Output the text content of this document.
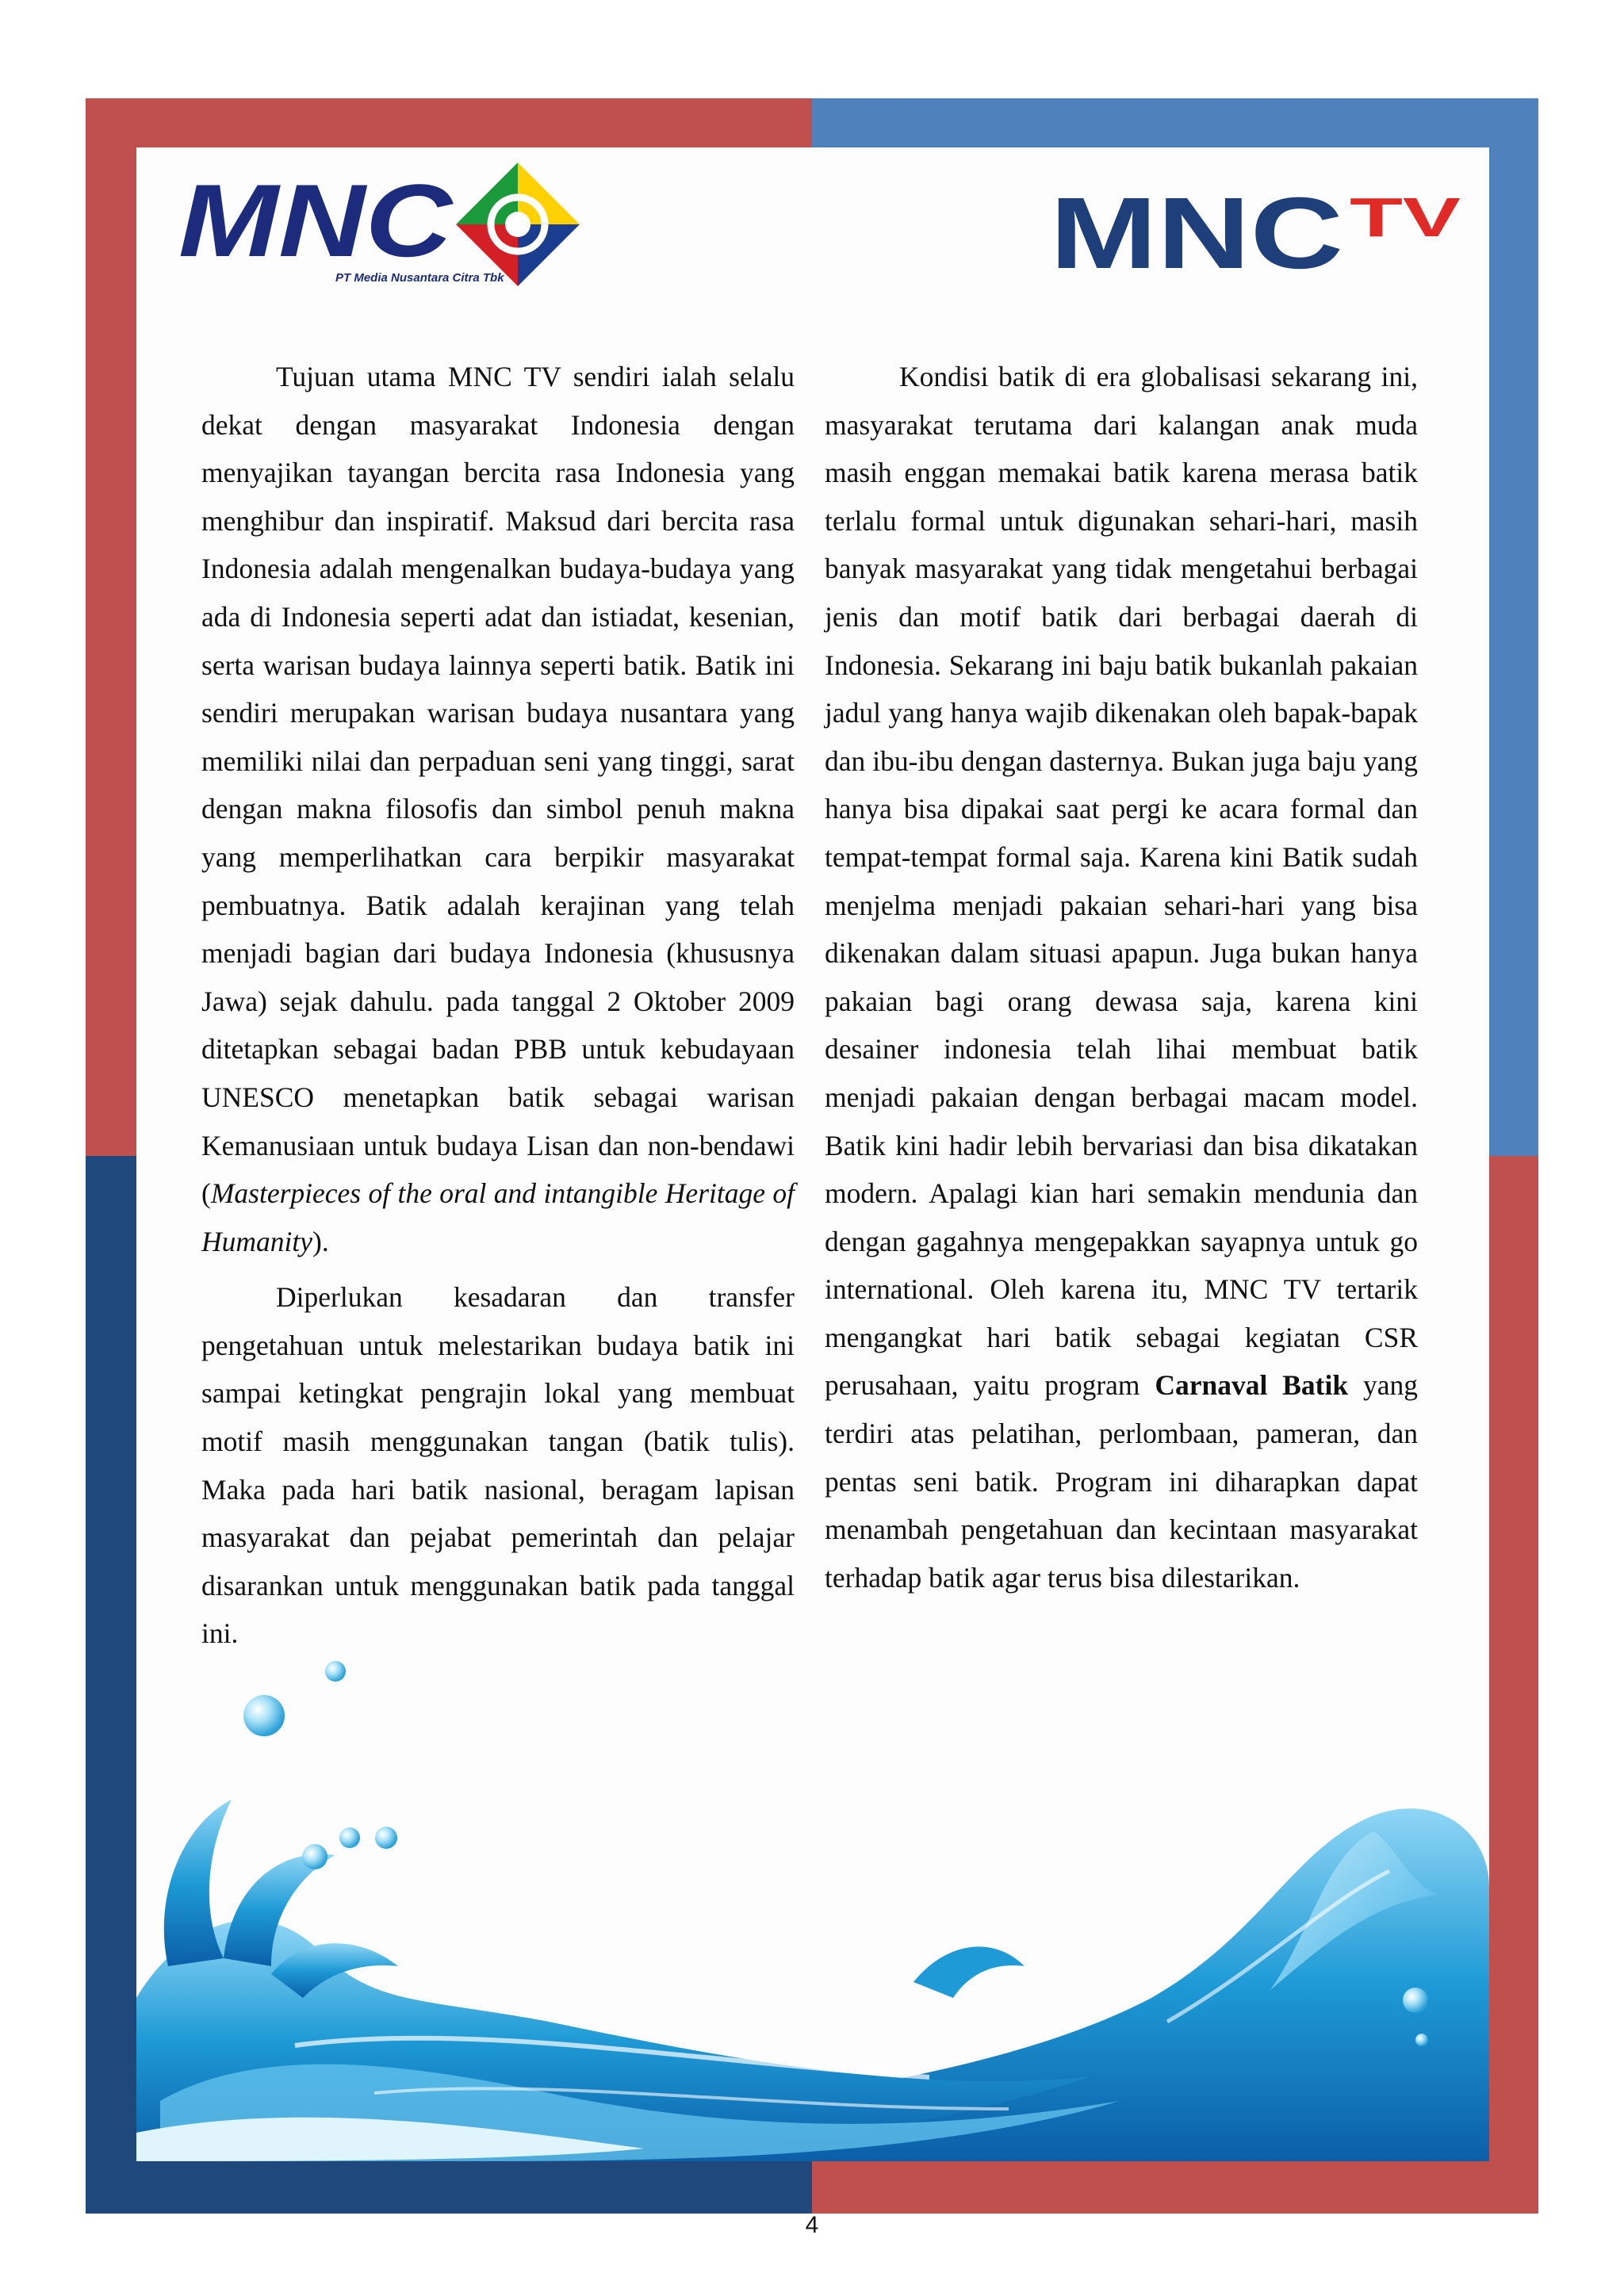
MNC
PT Media Nusantara Citra Tbk	MNC TV

Tujuan utama MNC TV sendiri ialah selalu dekat dengan masyarakat Indonesia dengan menyajikan tayangan bercita rasa Indonesia yang menghibur dan inspiratif. Maksud dari bercita rasa Indonesia adalah mengenalkan budaya-budaya yang ada di Indonesia seperti adat dan istiadat, kesenian, serta warisan budaya lainnya seperti batik. Batik ini sendiri merupakan warisan budaya nusantara yang memiliki nilai dan perpaduan seni yang tinggi, sarat dengan makna filosofis dan simbol penuh makna yang memperlihatkan cara berpikir masyarakat pembuatnya. Batik adalah kerajinan yang telah menjadi bagian dari budaya Indonesia (khususnya Jawa) sejak dahulu. pada tanggal 2 Oktober 2009 ditetapkan sebagai badan PBB untuk kebudayaan UNESCO menetapkan batik sebagai warisan Kemanusiaan untuk budaya Lisan dan non-bendawi (Masterpieces of the oral and intangible Heritage of Humanity).

Diperlukan kesadaran dan transfer pengetahuan untuk melestarikan budaya batik ini sampai ketingkat pengrajin lokal yang membuat motif masih menggunakan tangan (batik tulis). Maka pada hari batik nasional, beragam lapisan masyarakat dan pejabat pemerintah dan pelajar disarankan untuk menggunakan batik pada tanggal ini.

Kondisi batik di era globalisasi sekarang ini, masyarakat terutama dari kalangan anak muda masih enggan memakai batik karena merasa batik terlalu formal untuk digunakan sehari-hari, masih banyak masyarakat yang tidak mengetahui berbagai jenis dan motif batik dari berbagai daerah di Indonesia. Sekarang ini baju batik bukanlah pakaian jadul yang hanya wajib dikenakan oleh bapak-bapak dan ibu-ibu dengan dasternya. Bukan juga baju yang hanya bisa dipakai saat pergi ke acara formal dan tempat-tempat formal saja. Karena kini Batik sudah menjelma menjadi pakaian sehari-hari yang bisa dikenakan dalam situasi apapun. Juga bukan hanya pakaian bagi orang dewasa saja, karena kini desainer indonesia telah lihai membuat batik menjadi pakaian dengan berbagai macam model. Batik kini hadir lebih bervariasi dan bisa dikatakan modern. Apalagi kian hari semakin mendunia dan dengan gagahnya mengepakkan sayapnya untuk go international. Oleh karena itu, MNC TV tertarik mengangkat hari batik sebagai kegiatan CSR perusahaan, yaitu program Carnaval Batik yang terdiri atas pelatihan, perlombaan, pameran, dan pentas seni batik. Program ini diharapkan dapat menambah pengetahuan dan kecintaan masyarakat terhadap batik agar terus bisa dilestarikan.

4
